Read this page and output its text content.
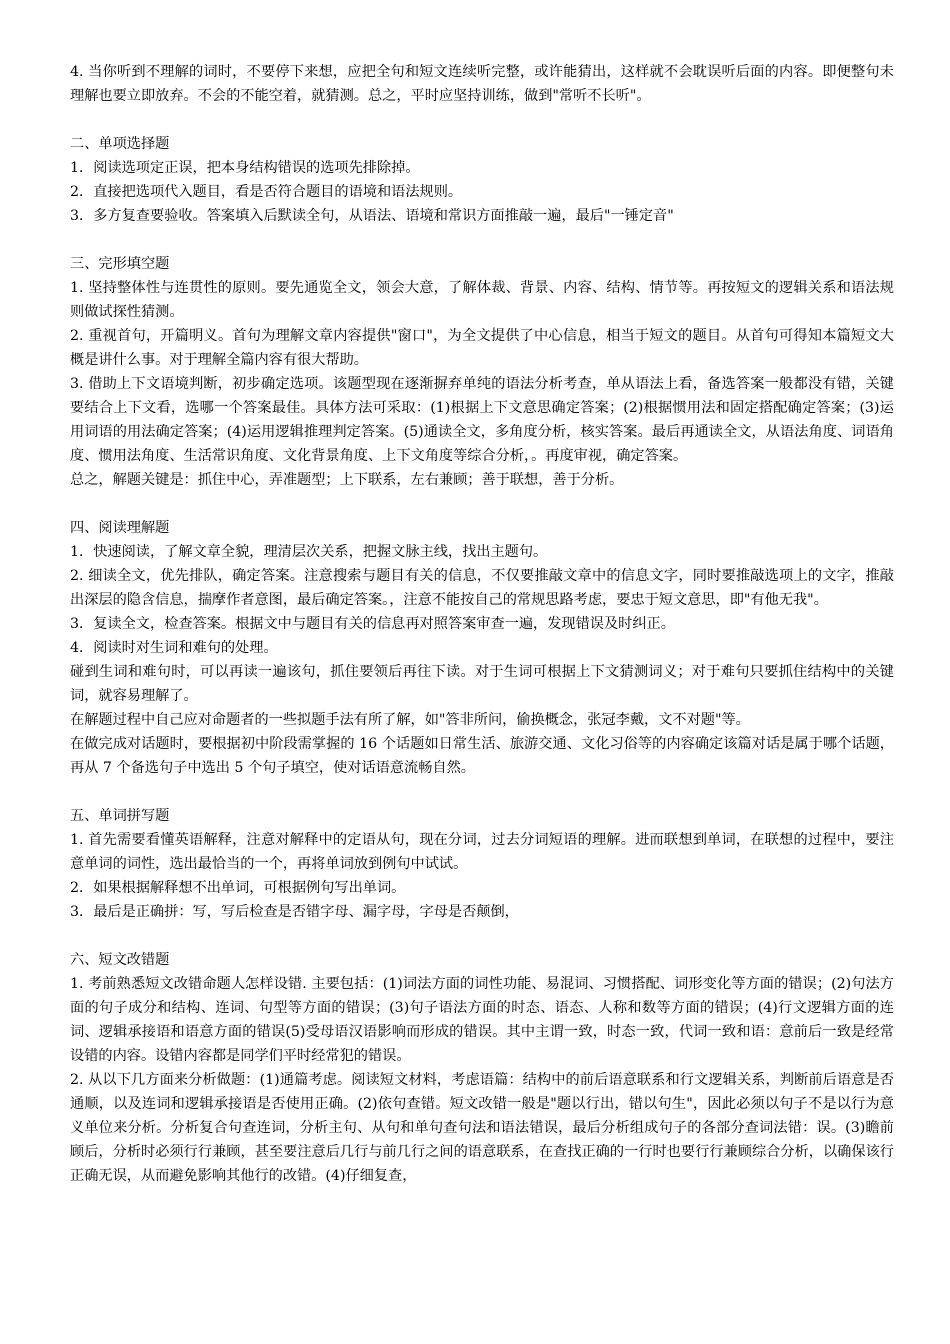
4. 当你听到不理解的词时，不要停下来想，应把全句和短文连续听完整，或许能猜出，这样就不会耽误听后面的内容。即便整句未理解也要立即放弃。不会的不能空着，就猜测。总之，平时应坚持训练，做到"常听不长听"。

二、单项选择题

1．阅读选项定正误，把本身结构错误的选项先排除掉。

2．直接把选项代入题目，看是否符合题目的语境和语法规则。

3．多方复查要验收。答案填入后默读全句，从语法、语境和常识方面推敲一遍，最后"一锤定音"

三、完形填空题

1. 坚持整体性与连贯性的原则。要先通览全文，领会大意，了解体裁、背景、内容、结构、情节等。再按短文的逻辑关系和语法规则做试探性猜测。

2. 重视首句，开篇明义。首句为理解文章内容提供"窗口"，为全文提供了中心信息，相当于短文的题目。从首句可得知本篇短文大概是讲什么事。对于理解全篇内容有很大帮助。

3. 借助上下文语境判断，初步确定选项。该题型现在逐渐摒弃单纯的语法分析考查，单从语法上看，备选答案一般都没有错，关键要结合上下文看，选哪一个答案最佳。具体方法可采取：(1)根据上下文意思确定答案；(2)根据惯用法和固定搭配确定答案；(3)运用词语的用法确定答案；(4)运用逻辑推理判定答案。(5)通读全文，多角度分析，核实答案。最后再通读全文，从语法角度、词语角度、惯用法角度、生活常识角度、文化背景角度、上下文角度等综合分析，。再度审视，确定答案。

总之，解题关键是：抓住中心，弄准题型；上下联系，左右兼顾；善于联想，善于分析。

四、阅读理解题

1．快速阅读，了解文章全貌，理清层次关系，把握文脉主线，找出主题句。

2. 细读全文，优先排队，确定答案。注意搜索与题目有关的信息，不仅要推敲文章中的信息文字，同时要推敲选项上的文字，推敲出深层的隐含信息，揣摩作者意图，最后确定答案。，注意不能按自己的常规思路考虑，要忠于短文意思，即"有他无我"。

3．复读全文，检查答案。根据文中与题目有关的信息再对照答案审查一遍，发现错误及时纠正。

4．阅读时对生词和难句的处理。

碰到生词和难句时，可以再读一遍该句，抓住要领后再往下读。对于生词可根据上下文猜测词义；对于难句只要抓住结构中的关键词，就容易理解了。

在解题过程中自己应对命题者的一些拟题手法有所了解，如"答非所问，偷换概念，张冠李戴，文不对题"等。

在做完成对话题时，要根据初中阶段需掌握的 16 个话题如日常生活、旅游交通、文化习俗等的内容确定该篇对话是属于哪个话题，再从 7 个备选句子中选出 5 个句子填空，使对话语意流畅自然。

五、单词拼写题

1. 首先需要看懂英语解释，注意对解释中的定语从句，现在分词，过去分词短语的理解。进而联想到单词，在联想的过程中，要注意单词的词性，选出最恰当的一个，再将单词放到例句中试试。

2．如果根据解释想不出单词，可根据例句写出单词。

3．最后是正确拼：写，写后检查是否错字母、漏字母，字母是否颠倒，

六、短文改错题

1. 考前熟悉短文改错命题人怎样设错. 主要包括：(1)词法方面的词性功能、易混词、习惯搭配、词形变化等方面的错误；(2)句法方面的句子成分和结构、连词、句型等方面的错误；(3)句子语法方面的时态、语态、人称和数等方面的错误；(4)行文逻辑方面的连词、逻辑承接语和语意方面的错误(5)受母语汉语影响而形成的错误。其中主谓一致，时态一致，代词一致和语：意前后一致是经常设错的内容。设错内容都是同学们平时经常犯的错误。

2. 从以下几方面来分析做题：(1)通篇考虑。阅读短文材料，考虑语篇：结构中的前后语意联系和行文逻辑关系，判断前后语意是否通顺，以及连词和逻辑承接语是否使用正确。(2)依句查错。短文改错一般是"题以行出，错以句生"，因此必须以句子不是以行为意义单位来分析。分析复合句查连词，分析主句、从句和单句查句法和语法错误，最后分析组成句子的各部分查词法错：误。(3)瞻前顾后，分析时必须行行兼顾，甚至要注意后几行与前几行之间的语意联系，在查找正确的一行时也要行行兼顾综合分析，以确保该行正确无误，从而避免影响其他行的改错。(4)仔细复查，
